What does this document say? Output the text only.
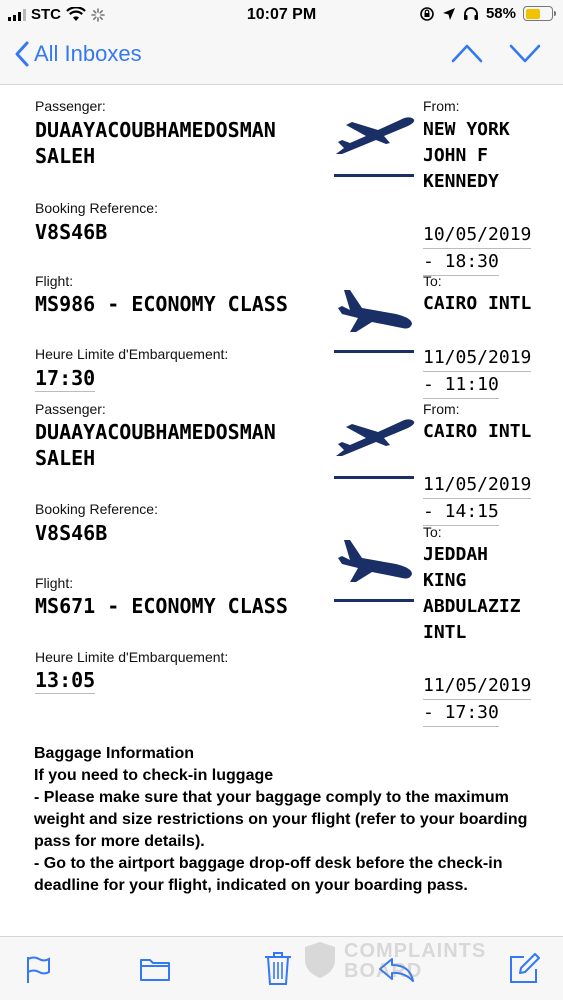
STC	10:07 PM	58%
All Inboxes
Passenger:
DUAAYACOUBHAMEDOSMAN
SALEH
Booking Reference:
V8S46B
Flight:
MS986 - ECONOMY CLASS
Heure Limite d'Embarquement:
17:30
From:
NEW YORK
JOHN F
KENNEDY
10/05/2019
- 18:30
To:
CAIRO INTL
11/05/2019
- 11:10
Passenger:
DUAAYACOUBHAMEDOSMAN
SALEH
Booking Reference:
V8S46B
Flight:
MS671 - ECONOMY CLASS
Heure Limite d'Embarquement:
13:05
From:
CAIRO INTL
11/05/2019
- 14:15
To:
JEDDAH
KING
ABDULAZIZ
INTL
11/05/2019
- 17:30
Baggage Information
If you need to check-in luggage
- Please make sure that your baggage comply to the maximum weight and size restrictions on your flight (refer to your boarding pass for more details).
- Go to the airtport baggage drop-off desk before the check-in deadline for your flight, indicated on your boarding pass.
COMPLAINTS
BOARD
